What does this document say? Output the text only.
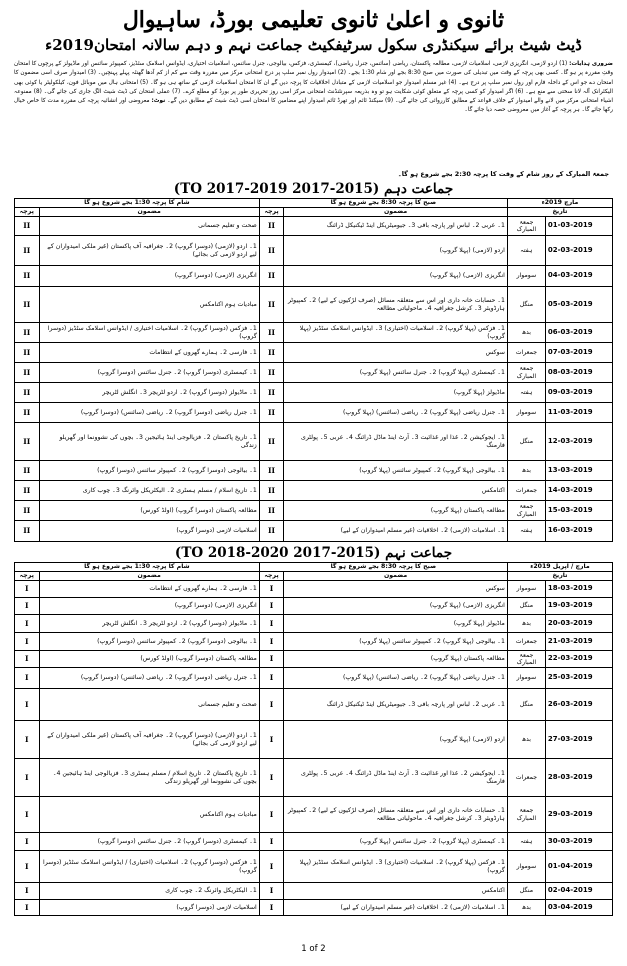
ثانوی و اعلیٰ ثانوی تعلیمی بورڈ، ساہیوال
ڈیٹ شیٹ برائے سیکنڈری سکول سرٹیفکیٹ جماعت نہم و دہم سالانہ امتحان2019ء
ضروری ہدایات: (1) اردو لازمی، انگریزی لازمی، اسلامیات لازمی، مطالعہ پاکستان، ریاضی (سائنس، جنرل ریاضی)، کیمسٹری، فزکس، بیالوجی، جنرل سائنس، اسلامیات اختیاری، ایڈوانس اسلامک سٹڈیز، کمپیوٹر سائنس اور ماڈیولز کے پرچوں کا امتحان وقتِ مقررہ پر ہو گا۔ کسی بھی پرچہ کے وقت میں تبدیلی کی صورت میں صبح 8:30 بجے اور شام 1:30 بجے۔ (2) امیدوار رول نمبر سلپ پر درج امتحانی مرکز میں مقررہ وقت سے کم از کم آدھا گھنٹہ پہلے پہنچیں۔ (3) امیدوار صرف اسی مضمون کا امتحان دے جو اس کے داخلہ فارم اور رول نمبر سلپ پر درج ہے۔ (4) غیر مسلم امیدوار جو اسلامیات لازمی کے متبادل اخلاقیات کا پرچہ دیں گے ان کا امتحان اسلامیات لازمی کے ساتھ ہی ہو گا۔ (5) امتحانی ہال میں موبائل فون، کیلکولیٹر یا کوئی بھی الیکٹرانک آلہ لانا سختی سے منع ہے۔ (6) اگر امیدوار کو کسی پرچہ کے متعلق کوئی شکایت ہو تو وہ بذریعہ سپرنٹنڈنٹ امتحانی مرکز اسی روز تحریری طور پر بورڈ کو مطلع کرے۔ (7) عملی امتحان کی ڈیٹ شیٹ الگ جاری کی جائے گی۔ (8) ممنوعہ اشیاء امتحانی مرکز میں لانے والے امیدوار کے خلاف قواعد کے مطابق کارروائی کی جائے گی۔ (9) سیکنڈ ٹائم اور تھرڈ ٹائم امیدوار اپنے مضامین کا امتحان اسی ڈیٹ شیٹ کے مطابق دیں گے۔ نوٹ: معروضی اور انشائیہ پرچہ کی مقررہ مدت کا خاص خیال رکھا جائے گا۔ ہر پرچہ کے آغاز میں معروضی حصہ دیا جائے گا۔
جمعۃ المبارک کے روز شام کے وقت کا پرچہ 2:30 بجے شروع ہو گا۔
جماعت دہم (2015-2017 TO 2017-2019)
شام کا پرچہ 1:30 بجے شروع ہو گا		صبح کا پرچہ 8:30 بجے شروع ہو گا		مارچ 2019ء	
پرچہ	مضمون	پرچہ	مضمون	تاریخ	
II	صحت و تعلیم جسمانی	II	1۔ عربی 2۔ لباس اور پارچہ بافی 3۔ جیومیٹریکل اینڈ ٹیکنیکل ڈرائنگ	جمعۃ المبارک	01-03-2019
II	1۔ اردو (لازمی) (دوسرا گروپ) 2۔ جغرافیہ آف پاکستان (غیر ملکی امیدواران کے لیے اردو لازمی کی بجائے)	II	اردو (لازمی) (پہلا گروپ)	ہفتہ	02-03-2019
II	انگریزی (لازمی) (دوسرا گروپ)	II	انگریزی (لازمی) (پہلا گروپ)	سوموار	04-03-2019
II	مبادیات ہوم اکنامکس	II	1۔ حسابات خانہ داری اور اس سے متعلقہ مسائل (صرف لڑکیوں کے لیے) 2۔ کمپیوٹر ہارڈویئر 3۔ کرشل جغرافیہ 4۔ ماحولیاتی مطالعہ	منگل	05-03-2019
II	1۔ فزکس (دوسرا گروپ) 2۔ اسلامیات اختیاری / ایڈوانس اسلامک سٹڈیز (دوسرا گروپ)	II	1۔ فزکس (پہلا گروپ) 2۔ اسلامیات (اختیاری) 3۔ ایڈوانس اسلامک سٹڈیز (پہلا گروپ)	بدھ	06-03-2019
II	1۔ فارسی 2۔ ہمارے گھروں کے انتظامات	II	سوکس	جمعرات	07-03-2019
II	1۔ کیمسٹری (دوسرا گروپ) 2۔ جنرل سائنس (دوسرا گروپ)	II	1۔ کیمسٹری (پہلا گروپ) 2۔ جنرل سائنس (پہلا گروپ)	جمعۃ المبارک	08-03-2019
II	1۔ ماڈیولز (دوسرا گروپ) 2۔ اردو لٹریچر 3۔ انگلش لٹریچر	II	ماڈیولز (پہلا گروپ)	ہفتہ	09-03-2019
II	1۔ جنرل ریاضی (دوسرا گروپ) 2۔ ریاضی (سائنس) (دوسرا گروپ)	II	1۔ جنرل ریاضی (پہلا گروپ) 2۔ ریاضی (سائنس) (پہلا گروپ)	سوموار	11-03-2019
II	1۔ تاریخ پاکستان 2۔ فزیالوجی اینڈ ہائیجین 3۔ بچوں کی نشوونما اور گھریلو زندگی	II	1۔ ایجوکیشن 2۔ غذا اور غذائیت 3۔ آرٹ اینڈ ماڈل ڈرائنگ 4۔ عربی 5۔ پولٹری فارمنگ	منگل	12-03-2019
II	1۔ بیالوجی (دوسرا گروپ) 2۔ کمپیوٹر سائنس (دوسرا گروپ)	II	1۔ بیالوجی (پہلا گروپ) 2۔ کمپیوٹر سائنس (پہلا گروپ)	بدھ	13-03-2019
II	1۔ تاریخ اسلام / مسلم ہسٹری 2۔ الیکٹریکل وائرنگ 3۔ چوب کاری	II	اکنامکس	جمعرات	14-03-2019
II	مطالعہ پاکستان (دوسرا گروپ) (اولڈ کورس)	II	مطالعہ پاکستان (پہلا گروپ)	جمعۃ المبارک	15-03-2019
II	اسلامیات لازمی (دوسرا گروپ)	II	1۔ اسلامیات (لازمی) 2۔ اخلاقیات (غیر مسلم امیدواران کے لیے)	ہفتہ	16-03-2019
جماعت نہم (2015-2017 TO 2018-2020)
شام کا پرچہ 1:30 بجے شروع ہو گا		صبح کا پرچہ 8:30 بجے شروع ہو گا		مارچ / اپریل 2019ء	
پرچہ	مضمون	پرچہ	مضمون	تاریخ	
I	1۔ فارسی 2۔ ہمارے گھروں کے انتظامات	I	سوکس	سوموار	18-03-2019
I	انگریزی (لازمی) (دوسرا گروپ)	I	انگریزی (لازمی) (پہلا گروپ)	منگل	19-03-2019
I	1۔ ماڈیولز (دوسرا گروپ) 2۔ اردو لٹریچر 3۔ انگلش لٹریچر	I	ماڈیولز (پہلا گروپ)	بدھ	20-03-2019
I	1۔ بیالوجی (دوسرا گروپ) 2۔ کمپیوٹر سائنس (دوسرا گروپ)	I	1۔ بیالوجی (پہلا گروپ) 2۔ کمپیوٹر سائنس (پہلا گروپ)	جمعرات	21-03-2019
I	مطالعہ پاکستان (دوسرا گروپ) (اولڈ کورس)	I	مطالعہ پاکستان (پہلا گروپ)	جمعۃ المبارک	22-03-2019
I	1۔ جنرل ریاضی (دوسرا گروپ) 2۔ ریاضی (سائنس) (دوسرا گروپ)	I	1۔ جنرل ریاضی (پہلا گروپ) 2۔ ریاضی (سائنس) (پہلا گروپ)	سوموار	25-03-2019
I	صحت و تعلیم جسمانی	I	1۔ عربی 2۔ لباس اور پارچہ بافی 3۔ جیومیٹریکل اینڈ ٹیکنیکل ڈرائنگ	منگل	26-03-2019
I	1۔ اردو (لازمی) (دوسرا گروپ) 2۔ جغرافیہ آف پاکستان (غیر ملکی امیدواران کے لیے اردو لازمی کی بجائے)	I	اردو (لازمی) (پہلا گروپ)	بدھ	27-03-2019
I	1۔ تاریخ پاکستان 2۔ تاریخ اسلام / مسلم ہسٹری 3۔ فزیالوجی اینڈ ہائیجین 4۔ بچوں کی نشوونما اور گھریلو زندگی	I	1۔ ایجوکیشن 2۔ غذا اور غذائیت 3۔ آرٹ اینڈ ماڈل ڈرائنگ 4۔ عربی 5۔ پولٹری فارمنگ	جمعرات	28-03-2019
I	مبادیات ہوم اکنامکس	I	1۔ حسابات خانہ داری اور اس سے متعلقہ مسائل (صرف لڑکیوں کے لیے) 2۔ کمپیوٹر ہارڈویئر 3۔ کرشل جغرافیہ 4۔ ماحولیاتی مطالعہ	جمعۃ المبارک	29-03-2019
I	1۔ کیمسٹری (دوسرا گروپ) 2۔ جنرل سائنس (دوسرا گروپ)	I	1۔ کیمسٹری (پہلا گروپ) 2۔ جنرل سائنس (پہلا گروپ)	ہفتہ	30-03-2019
I	1۔ فزکس (دوسرا گروپ) 2۔ اسلامیات (اختیاری) / ایڈوانس اسلامک سٹڈیز (دوسرا گروپ)	I	1۔ فزکس (پہلا گروپ) 2۔ اسلامیات (اختیاری) 3۔ ایڈوانس اسلامک سٹڈیز (پہلا گروپ)	سوموار	01-04-2019
I	1۔ الیکٹریکل وائرنگ 2۔ چوب کاری	I	اکنامکس	منگل	02-04-2019
I	اسلامیات لازمی (دوسرا گروپ)	I	1۔ اسلامیات (لازمی) 2۔ اخلاقیات (غیر مسلم امیدواران کے لیے)	بدھ	03-04-2019
1 of 2
